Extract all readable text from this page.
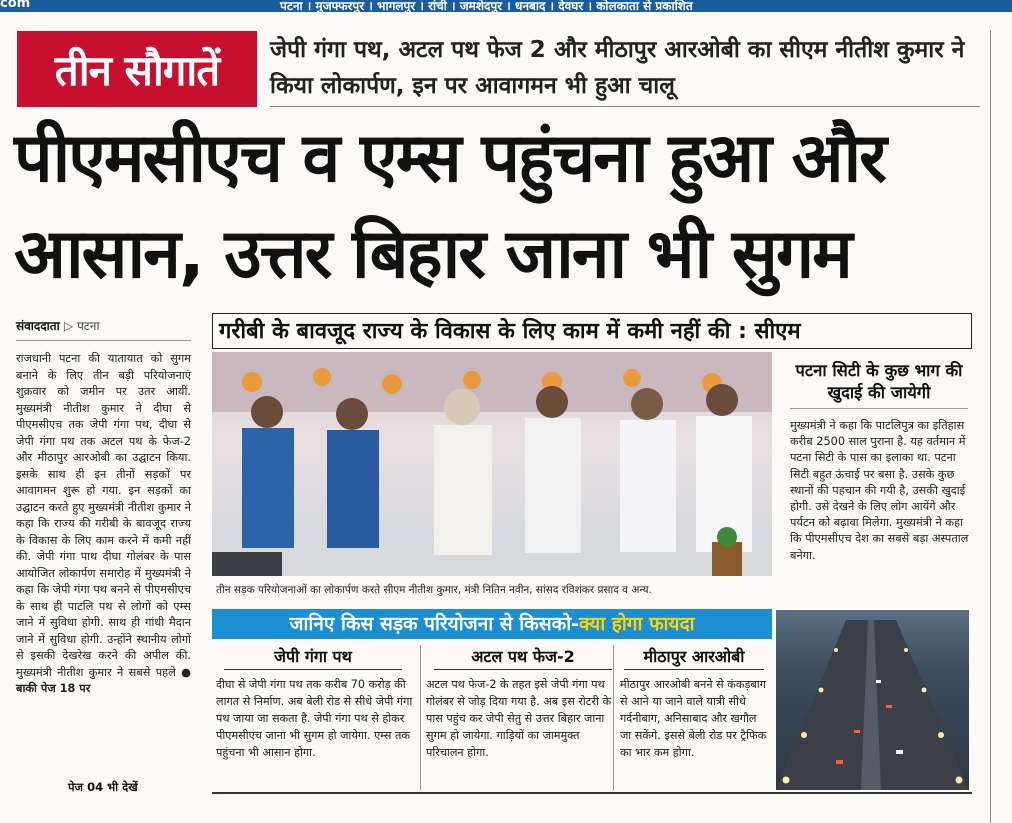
com	पटना । मुजफ्फरपुर । भागलपुर । रांची । जमशेदपुर । धनबाद । देवघर । कोलकाता से प्रकाशित
तीन सौगातें	जेपी गंगा पथ, अटल पथ फेज 2 और मीठापुर आरओबी का सीएम नीतीश कुमार ने किया लोकार्पण, इन पर आवागमन भी हुआ चालू
पीएमसीएच व एम्स पहुंचना हुआ और
आसान, उत्तर बिहार जाना भी सुगम
संवाददाता ▷ पटना
राजधानी पटना की यातायात को सुगम बनाने के लिए तीन बड़ी परियोजनाएं शुक्रवार को जमीन पर उतर आयीं. मुख्यमंत्री नीतीश कुमार ने दीघा से पीएमसीएच तक जेपी गंगा पथ, दीघा से जेपी गंगा पथ तक अटल पथ के फेज-2 और मीठापुर आरओबी का उद्घाटन किया. इसके साथ ही इन तीनों सड़कों पर आवागमन शुरू हो गया. इन सड़कों का उद्घाटन करते हुए मुख्यमंत्री नीतीश कुमार ने कहा कि राज्य की गरीबी के बावजूद राज्य के विकास के लिए काम करने में कमी नहीं की. जेपी गंगा पाथ दीघा गोलंबर के पास आयोजित लोकार्पण समारोह में मुख्यमंत्री ने कहा कि जेपी गंगा पथ बनने से पीएमसीएच के साथ ही पाटलि पथ से लोगों को एम्स जाने में सुविधा होगी. साथ ही गांधी मैदान जाने में सुविधा होगी. उन्होंने स्थानीय लोगों से इसकी देखरेख करने की अपील की. मुख्यमंत्री नीतीश कुमार ने सबसे पहले ● बाकी पेज 18 पर
पेज 04 भी देखें
गरीबी के बावजूद राज्य के विकास के लिए काम में कमी नहीं की : सीएम
तीन सड़क परियोजनाओं का लोकार्पण करते सीएम नीतीश कुमार, मंत्री नितिन नवीन, सांसद रविशंकर प्रसाद व अन्य.
पटना सिटी के कुछ भाग की खुदाई की जायेगी
मुख्यमंत्री ने कहा कि पाटलिपुत्र का इतिहास करीब 2500 साल पुराना है. यह वर्तमान में पटना सिटी के पास का इलाका था. पटना सिटी बहुत ऊंचाई पर बसा है. उसके कुछ स्थानों की पहचान की गयी है, उसकी खुदाई होगी. उसे देखने के लिए लोग आयेंगे और पर्यटन को बढ़ावा मिलेगा. मुख्यमंत्री ने कहा कि पीएमसीएच देश का सबसे बड़ा अस्पताल बनेगा.
जानिए किस सड़क परियोजना से किसको-क्या होगा फायदा
जेपी गंगा पथ

दीघा से जेपी गंगा पथ तक करीब 70 करोड़ की लागत से निर्माण. अब बेली रोड से सीधे जेपी गंगा पथ जाया जा सकता है. जेपी गंगा पथ से होकर पीएमसीएच जाना भी सुगम हो जायेगा. एम्स तक पहुंचना भी आसान होगा.

अटल पथ फेज-2

अटल पथ फेज-2 के तहत इसे जेपी गंगा पथ गोलंबर से जोड़ दिया गया है. अब इस रोटरी के पास पहुंच कर जेपी सेतु से उत्तर बिहार जाना सुगम हो जायेगा. गाड़ियों का जाममुक्त परिचालन होगा.

मीठापुर आरओबी

मीठापुर आरओबी बनने से कंकड़बाग से आने या जाने वाले यात्री सीधे गर्दनीबाग, अनिसाबाद और खगौल जा सकेंगे. इससे बेली रोड पर ट्रैफिक का भार कम होगा.
